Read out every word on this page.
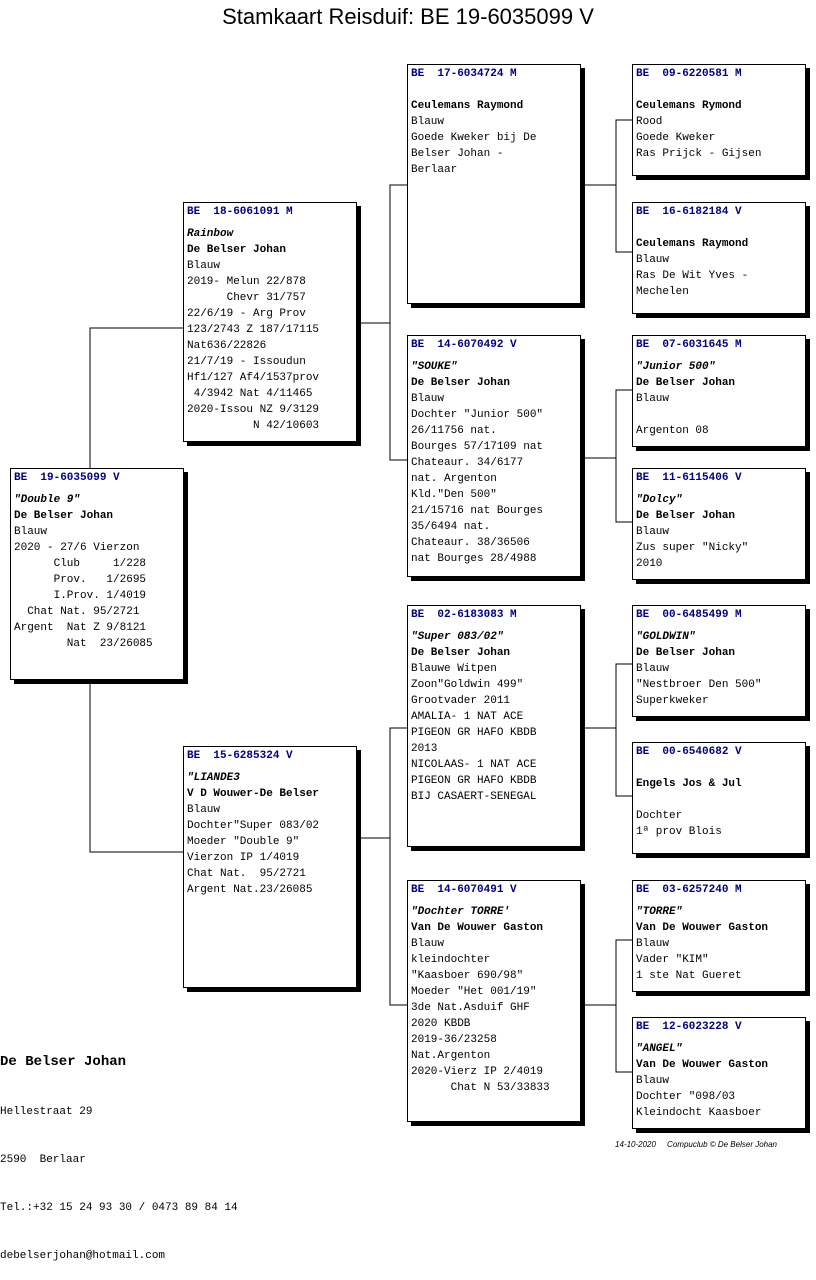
Stamkaart Reisduif: BE 19-6035099 V
BE  19-6035099 V
"Double 9"
De Belser Johan
Blauw
2020 - 27/6 Vierzon
Club     1/228
Prov.   1/2695
I.Prov. 1/4019
Chat Nat. 95/2721
Argent  Nat Z 9/8121
Nat  23/26085
BE  18-6061091 M
Rainbow
De Belser Johan
Blauw
2019- Melun 22/878
Chevr 31/757
22/6/19 - Arg Prov
123/2743 Z 187/17115
Nat636/22826
21/7/19 - Issoudun
Hf1/127 Af4/1537prov
4/3942 Nat 4/11465
2020-Issou NZ 9/3129
N 42/10603
BE  15-6285324 V
"LIANDE3
V D Wouwer-De Belser
Blauw
Dochter"Super 083/02
Moeder "Double 9"
Vierzon IP 1/4019
Chat Nat.  95/2721
Argent Nat.23/26085
BE  17-6034724 M
Ceulemans Raymond
Blauw
Goede Kweker bij De
Belser Johan -
Berlaar
BE  14-6070492 V
"SOUKE"
De Belser Johan
Blauw
Dochter "Junior 500"
26/11756 nat.
Bourges 57/17109 nat
Chateaur. 34/6177
nat. Argenton
Kld."Den 500"
21/15716 nat Bourges
35/6494 nat.
Chateaur. 38/36506
nat Bourges 28/4988
BE  02-6183083 M
"Super 083/02"
De Belser Johan
Blauwe Witpen
Zoon"Goldwin 499"
Grootvader 2011
AMALIA- 1 NAT ACE
PIGEON GR HAFO KBDB
2013
NICOLAAS- 1 NAT ACE
PIGEON GR HAFO KBDB
BIJ CASAERT-SENEGAL
BE  14-6070491 V
"Dochter TORRE'
Van De Wouwer Gaston
Blauw
kleindochter
"Kaasboer 690/98"
Moeder "Het 001/19"
3de Nat.Asduif GHF
2020 KBDB
2019-36/23258
Nat.Argenton
2020-Vierz IP 2/4019
Chat N 53/33833
BE  09-6220581 M
Ceulemans Rymond
Rood
Goede Kweker
Ras Prijck - Gijsen
BE  16-6182184 V
Ceulemans Raymond
Blauw
Ras De Wit Yves -
Mechelen
BE  07-6031645 M
"Junior 500"
De Belser Johan
Blauw
Argenton 08
BE  11-6115406 V
"Dolcy"
De Belser Johan
Blauw
Zus super "Nicky"
2010
BE  00-6485499 M
"GOLDWIN"
De Belser Johan
Blauw
"Nestbroer Den 500"
Superkweker
BE  00-6540682 V
Engels Jos & Jul
Dochter
1ª prov Blois
BE  03-6257240 M
"TORRE"
Van De Wouwer Gaston
Blauw
Vader "KIM"
1 ste Nat Gueret
BE  12-6023228 V
"ANGEL"
Van De Wouwer Gaston
Blauw
Dochter "098/03
Kleindocht Kaasboer

De Belser Johan

Hellestraat 29

2590  Berlaar

Tel.:+32 15 24 93 30 / 0473 89 84 14

debelserjohan@hotmail.com

14-10-2020 Compuclub © De Belser Johan
